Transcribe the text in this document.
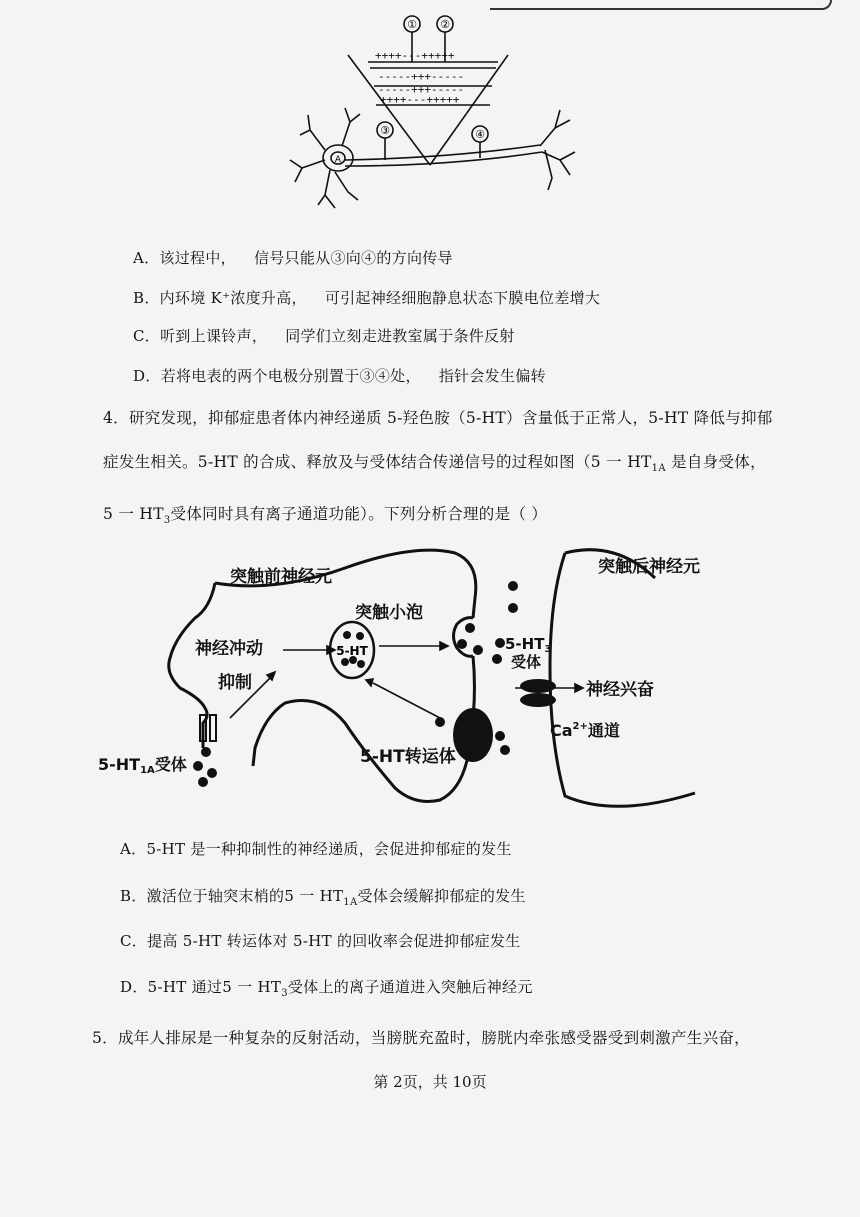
① ②
③	④
++++---+++++
-----+++-----
-----+++-----
++++---+++++
A
A．该过程中， 信号只能从③向④的方向传导
B．内环境 K⁺浓度升高， 可引起神经细胞静息状态下膜电位差增大
C．听到上课铃声， 同学们立刻走进教室属于条件反射
D．若将电表的两个电极分别置于③④处， 指针会发生偏转
4．研究发现，抑郁症患者体内神经递质 5-羟色胺（5-HT）含量低于正常人，5-HT 降低与抑郁
症发生相关。5-HT 的合成、释放及与受体结合传递信号的过程如图（5 一 $HT_{1A}$ 是自身受体，
5 一 $HT_3$受体同时具有离子通道功能）。下列分析合理的是（ ）
突触前神经元	突触后神经元
突触小泡
神经冲动
抑制
5-HT	$5-HT_3$ 受体
神经兴奋
$Ca^{2+}$通道
5-HT1A受体	5-HT转运体
A．5-HT 是一种抑制性的神经递质，会促进抑郁症的发生
B．激活位于轴突末梢的5 一 $HT_{1A}$受体会缓解抑郁症的发生
C．提高 5-HT 转运体对 5-HT 的回收率会促进抑郁症发生
D．5-HT 通过5 一 $HT_3$受体上的离子通道进入突触后神经元
5．成年人排尿是一种复杂的反射活动，当膀胱充盈时，膀胱内牵张感受器受到刺激产生兴奋，
第 2页，共 10页
